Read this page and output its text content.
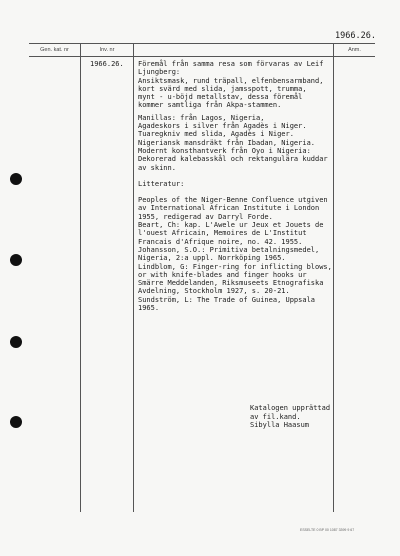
1966.26.
Gen. kat. nr	Inv. nr	Anm.
1966.26. Föremål från samma resa som förvaras av Leif

Ljungberg:

Ansiktsmask, rund träpall, elfenbensarmband,

kort svärd med slida, jamsspott, trumma,

mynt - u-böjd metallstav, dessa föremål

kommer samtliga från Akpa-stammen.

Manillas: från Lagos, Nigeria,

Agadeskors i silver från Agadès i Niger.

Tuaregkniv med slida, Agadès i Niger.

Nigeriansk mansdräkt från Ibadan, Nigeria.

Modernt konsthantverk från Oyo i Nigeria:

Dekorerad kalebasskål och rektangulära kuddar

av skinn.

Litteratur:

Peoples of the Niger-Benne Confluence utgiven

av International African Institute i London

1955, redigerad av Darryl Forde.

Beart, Ch: kap. L'Awele ur Jeux et Jouets de

l'ouest Africain, Memoires de L'Institut

Francais d'Afrique noire, no. 42. 1955.

Johansson, S.O.: Primitiva betalningsmedel,

Nigeria, 2:a uppl. Norrköping 1965.

Lindblom, G: Finger-ring for inflicting blows,

or with knife-blades and finger hooks ur

Smärre Meddelanden, Riksmuseets Etnografiska

Avdelning, Stockholm 1927, s. 20-21.

Sundström, L: The Trade of Guinea, Uppsala

1965.

Katalogen upprättad

av fil.kand.

Sibylla Haasum

ESSELTE 0 BP 00 1087 3399 9 67
